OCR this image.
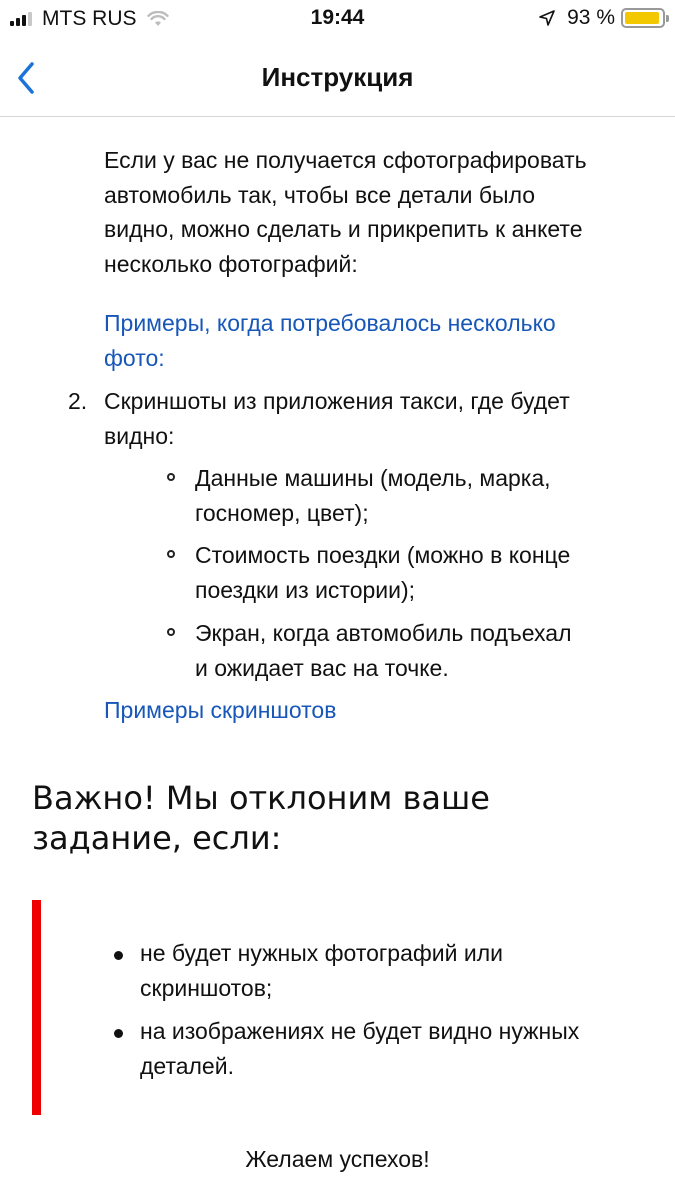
MTS RUS	19:44	93 %
Инструкция
Если у вас не получается сфотографировать
автомобиль так, чтобы все детали было
видно, можно сделать и прикрепить к анкете
несколько фотографий:
Примеры, когда потребовалось несколько
фото:
2. Скриншоты из приложения такси, где будет
видно:
Данные машины (модель, марка,
госномер, цвет);
Стоимость поездки (можно в конце
поездки из истории);
Экран, когда автомобиль подъехал
и ожидает вас на точке.
Примеры скриншотов
Важно! Мы отклоним ваше
задание, если:
не будет нужных фотографий или
скриншотов;
на изображениях не будет видно нужных
деталей.
Желаем успехов!
